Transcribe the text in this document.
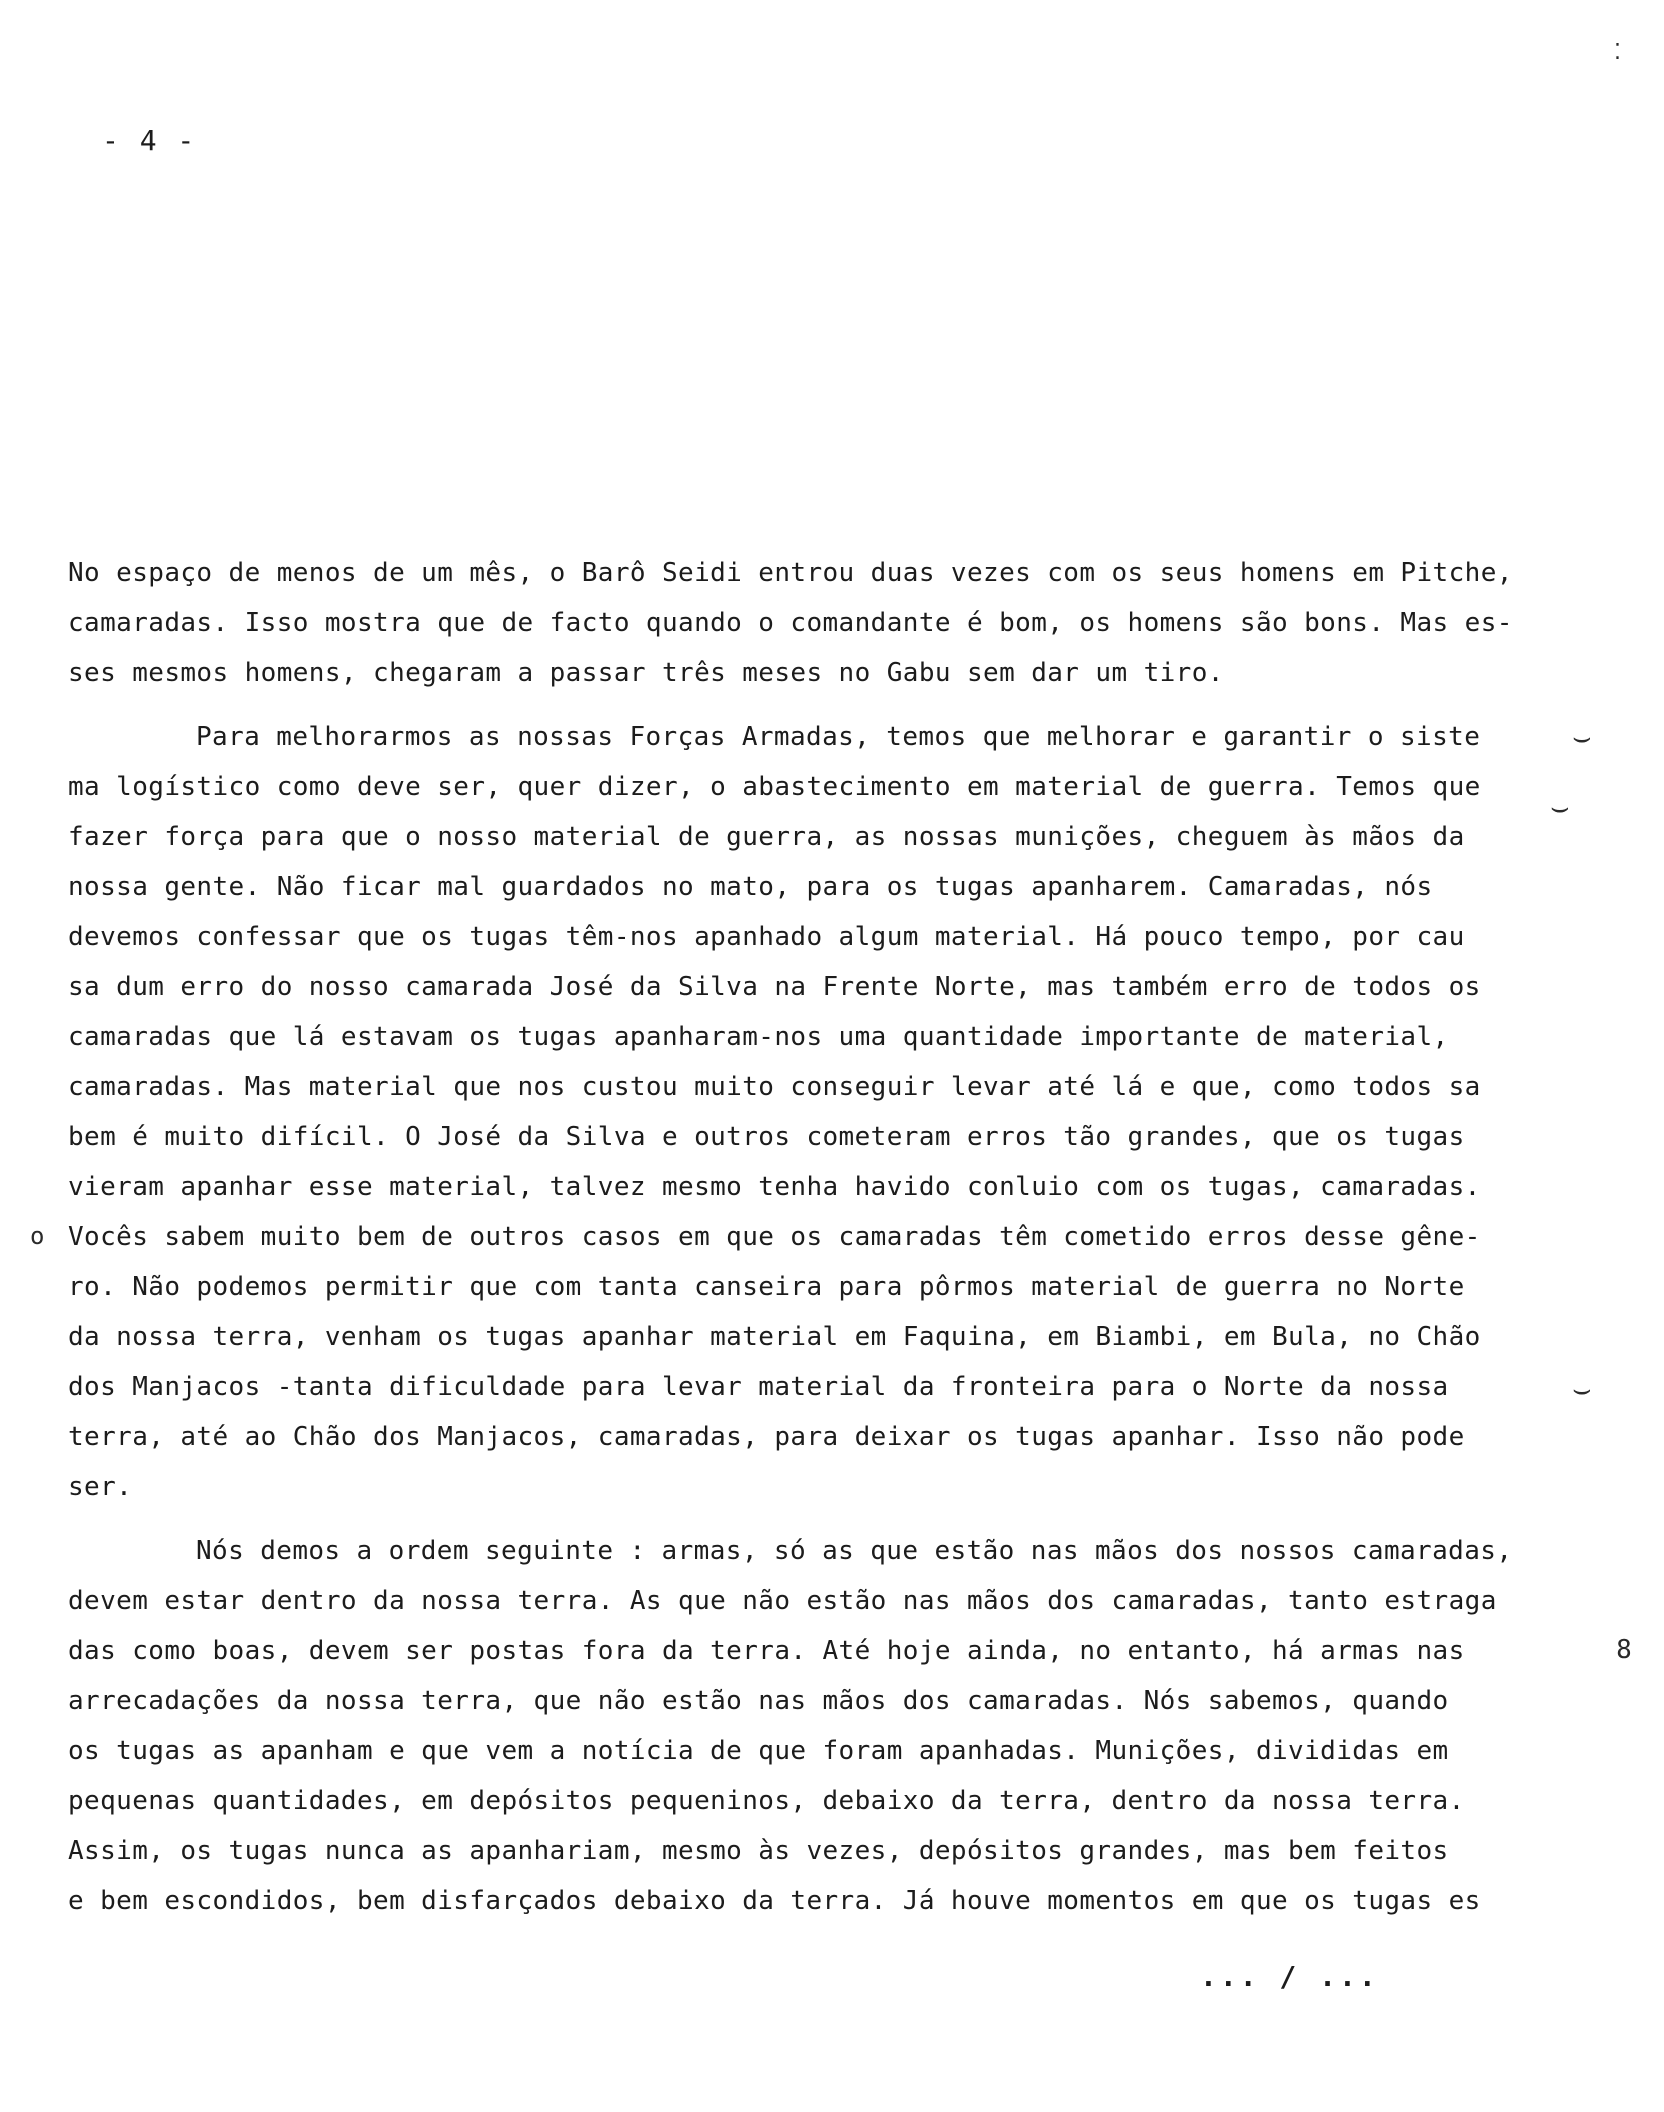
- 4 -

No espaço de menos de um mês, o Barô Seidi entrou duas vezes com os seus homens em Pitche,
camaradas. Isso mostra que de facto quando o comandante é bom, os homens são bons. Mas es-
ses mesmos homens, chegaram a passar três meses no Gabu sem dar um tiro.

Para melhorarmos as nossas Forças Armadas, temos que melhorar e garantir o siste
ma logístico como deve ser, quer dizer, o abastecimento em material de guerra. Temos que
fazer força para que o nosso material de guerra, as nossas munições, cheguem às mãos da
nossa gente. Não ficar mal guardados no mato, para os tugas apanharem. Camaradas, nós
devemos confessar que os tugas têm-nos apanhado algum material. Há pouco tempo, por cau
sa dum erro do nosso camarada José da Silva na Frente Norte, mas também erro de todos os
camaradas que lá estavam os tugas apanharam-nos uma quantidade importante de material,
camaradas. Mas material que nos custou muito conseguir levar até lá e que, como todos sa
bem é muito difícil. O José da Silva e outros cometeram erros tão grandes, que os tugas
vieram apanhar esse material, talvez mesmo tenha havido conluio com os tugas, camaradas.
Vocês sabem muito bem de outros casos em que os camaradas têm cometido erros desse gêne-
ro. Não podemos permitir que com tanta canseira para pôrmos material de guerra no Norte
da nossa terra, venham os tugas apanhar material em Faquina, em Biambi, em Bula, no Chão
dos Manjacos -tanta dificuldade para levar material da fronteira para o Norte da nossa
terra, até ao Chão dos Manjacos, camaradas, para deixar os tugas apanhar. Isso não pode
ser.

Nós demos a ordem seguinte : armas, só as que estão nas mãos dos nossos camaradas,
devem estar dentro da nossa terra. As que não estão nas mãos dos camaradas, tanto estraga
das como boas, devem ser postas fora da terra. Até hoje ainda, no entanto, há armas nas
arrecadações da nossa terra, que não estão nas mãos dos camaradas. Nós sabemos, quando
os tugas as apanham e que vem a notícia de que foram apanhadas. Munições, divididas em
pequenas quantidades, em depósitos pequeninos, debaixo da terra, dentro da nossa terra.
Assim, os tugas nunca as apanhariam, mesmo às vezes, depósitos grandes, mas bem feitos
e bem escondidos, bem disfarçados debaixo da terra. Já houve momentos em que os tugas es

... / ...
o
⌣
⌣
⌣
⁚
8
